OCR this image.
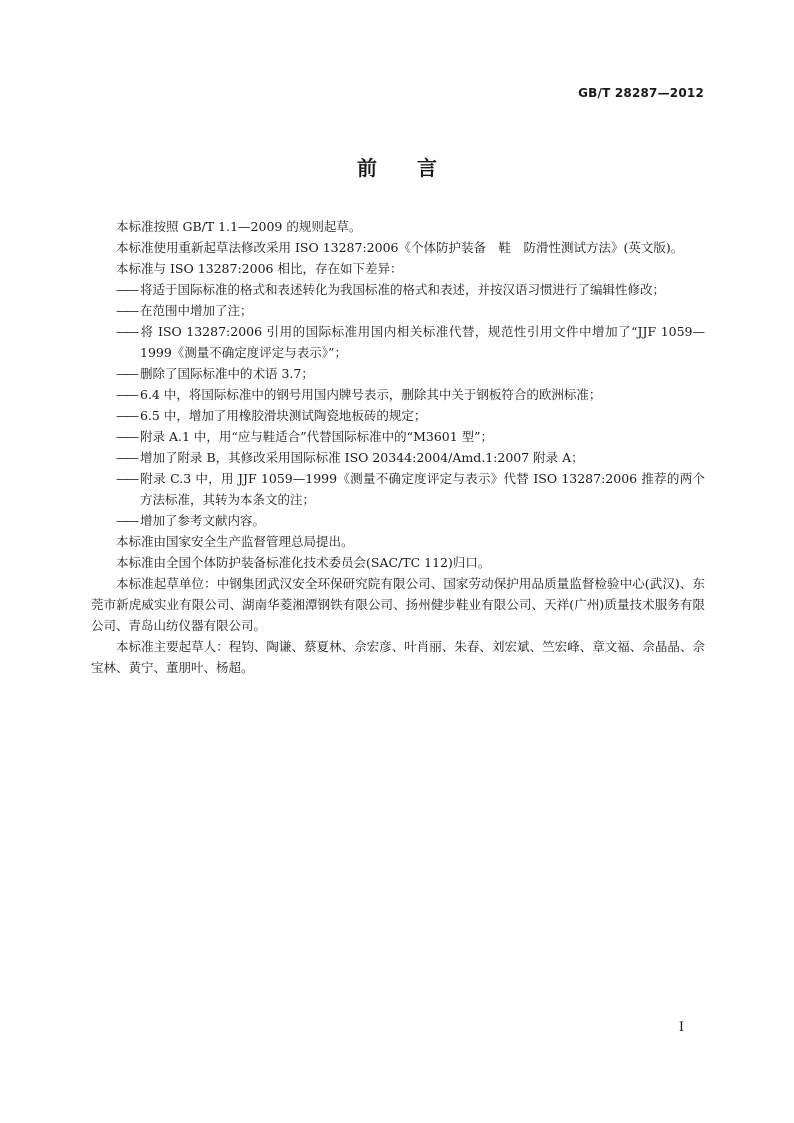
GB/T 28287—2012
前言

本标准按照 GB/T 1.1—2009 的规则起草。

本标准使用重新起草法修改采用 ISO 13287:2006《个体防护装备　鞋　防滑性测试方法》(英文版)。

本标准与 ISO 13287:2006 相比，存在如下差异：

—— 将适于国际标准的格式和表述转化为我国标准的格式和表述，并按汉语习惯进行了编辑性修改；

—— 在范围中增加了注；

—— 将 ISO 13287:2006 引用的国际标准用国内相关标准代替，规范性引用文件中增加了“JJF 1059—1999《测量不确定度评定与表示》”；

—— 删除了国际标准中的术语 3.7；

—— 6.4 中，将国际标准中的钢号用国内牌号表示，删除其中关于钢板符合的欧洲标准；

—— 6.5 中，增加了用橡胶滑块测试陶瓷地板砖的规定；

—— 附录 A.1 中，用“应与鞋适合”代替国际标准中的“M3601 型”；

—— 增加了附录 B，其修改采用国际标准 ISO 20344:2004/Amd.1:2007 附录 A；

—— 附录 C.3 中，用 JJF 1059—1999《测量不确定度评定与表示》代替 ISO 13287:2006 推荐的两个方法标准，其转为本条文的注；

—— 增加了参考文献内容。

本标准由国家安全生产监督管理总局提出。

本标准由全国个体防护装备标准化技术委员会(SAC/TC 112)归口。

本标准起草单位：中钢集团武汉安全环保研究院有限公司、国家劳动保护用品质量监督检验中心(武汉)、东莞市新虎威实业有限公司、湖南华菱湘潭钢铁有限公司、扬州健步鞋业有限公司、天祥(广州)质量技术服务有限公司、青岛山纺仪器有限公司。

本标准主要起草人：程钧、陶谦、蔡夏林、佘宏彦、叶肖丽、朱春、刘宏斌、竺宏峰、章文福、佘晶晶、佘宝林、黄宁、董朋叶、杨超。

I
